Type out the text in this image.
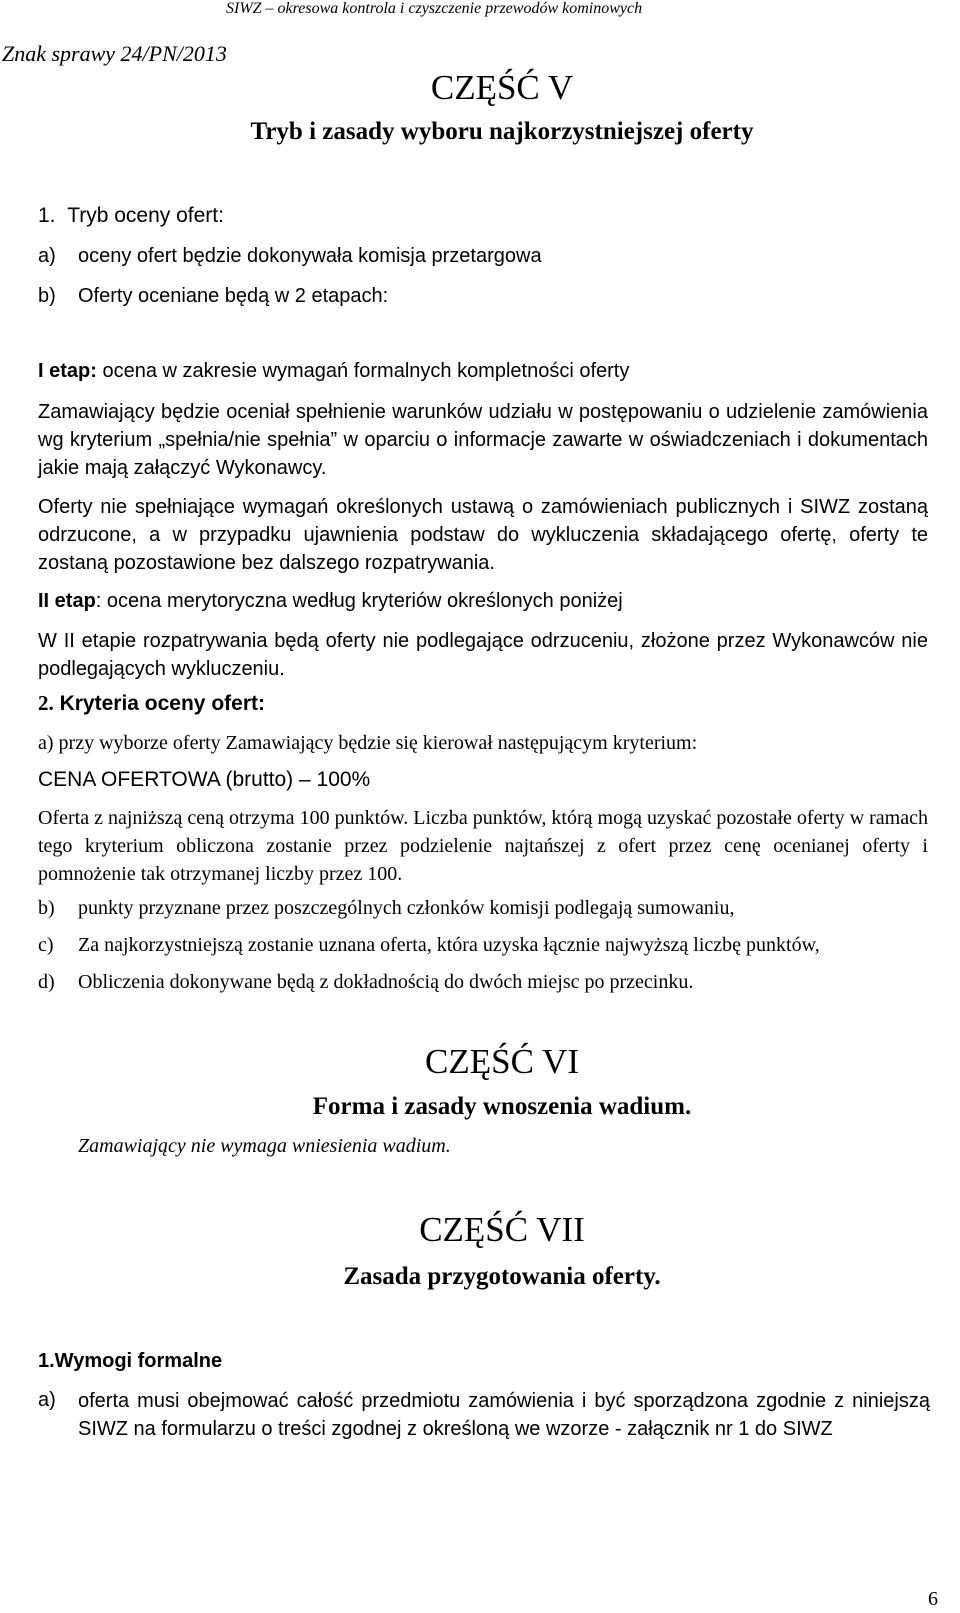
SIWZ – okresowa kontrola i czyszczenie przewodów kominowych
Znak sprawy 24/PN/2013
CZĘŚĆ V
Tryb i zasady wyboru najkorzystniejszej oferty
1. Tryb oceny ofert:
a) oceny ofert będzie dokonywała komisja przetargowa
b) Oferty oceniane będą w 2 etapach:
I etap: ocena w zakresie wymagań formalnych kompletności oferty
Zamawiający będzie oceniał spełnienie warunków udziału w postępowaniu o udzielenie zamówienia wg kryterium „spełnia/nie spełnia” w oparciu o informacje zawarte w oświadczeniach i dokumentach jakie mają załączyć Wykonawcy.
Oferty nie spełniające wymagań określonych ustawą o zamówieniach publicznych i SIWZ zostaną odrzucone, a w przypadku ujawnienia podstaw do wykluczenia składającego ofertę, oferty te zostaną pozostawione bez dalszego rozpatrywania.
II etap: ocena merytoryczna według kryteriów określonych poniżej
W II etapie rozpatrywania będą oferty nie podlegające odrzuceniu, złożone przez Wykonawców nie podlegających wykluczeniu.
2. Kryteria oceny ofert:
a) przy wyborze oferty Zamawiający będzie się kierował następującym kryterium:
CENA OFERTOWA (brutto) – 100%
Oferta z najniższą ceną otrzyma 100 punktów. Liczba punktów, którą mogą uzyskać pozostałe oferty w ramach tego kryterium obliczona zostanie przez podzielenie najtańszej z ofert przez cenę ocenianej oferty i pomnożenie tak otrzymanej liczby przez 100.
b) punkty przyznane przez poszczególnych członków komisji podlegają sumowaniu,
c) Za najkorzystniejszą zostanie uznana oferta, która uzyska łącznie najwyższą liczbę punktów,
d) Obliczenia dokonywane będą z dokładnością do dwóch miejsc po przecinku.
CZĘŚĆ VI
Forma i zasady wnoszenia wadium.
Zamawiający nie wymaga wniesienia wadium.
CZĘŚĆ VII
Zasada przygotowania oferty.
1.Wymogi formalne
a) oferta musi obejmować całość przedmiotu zamówienia i być sporządzona zgodnie z niniejszą SIWZ na formularzu o treści zgodnej z określoną we wzorze - załącznik nr 1 do SIWZ
6
